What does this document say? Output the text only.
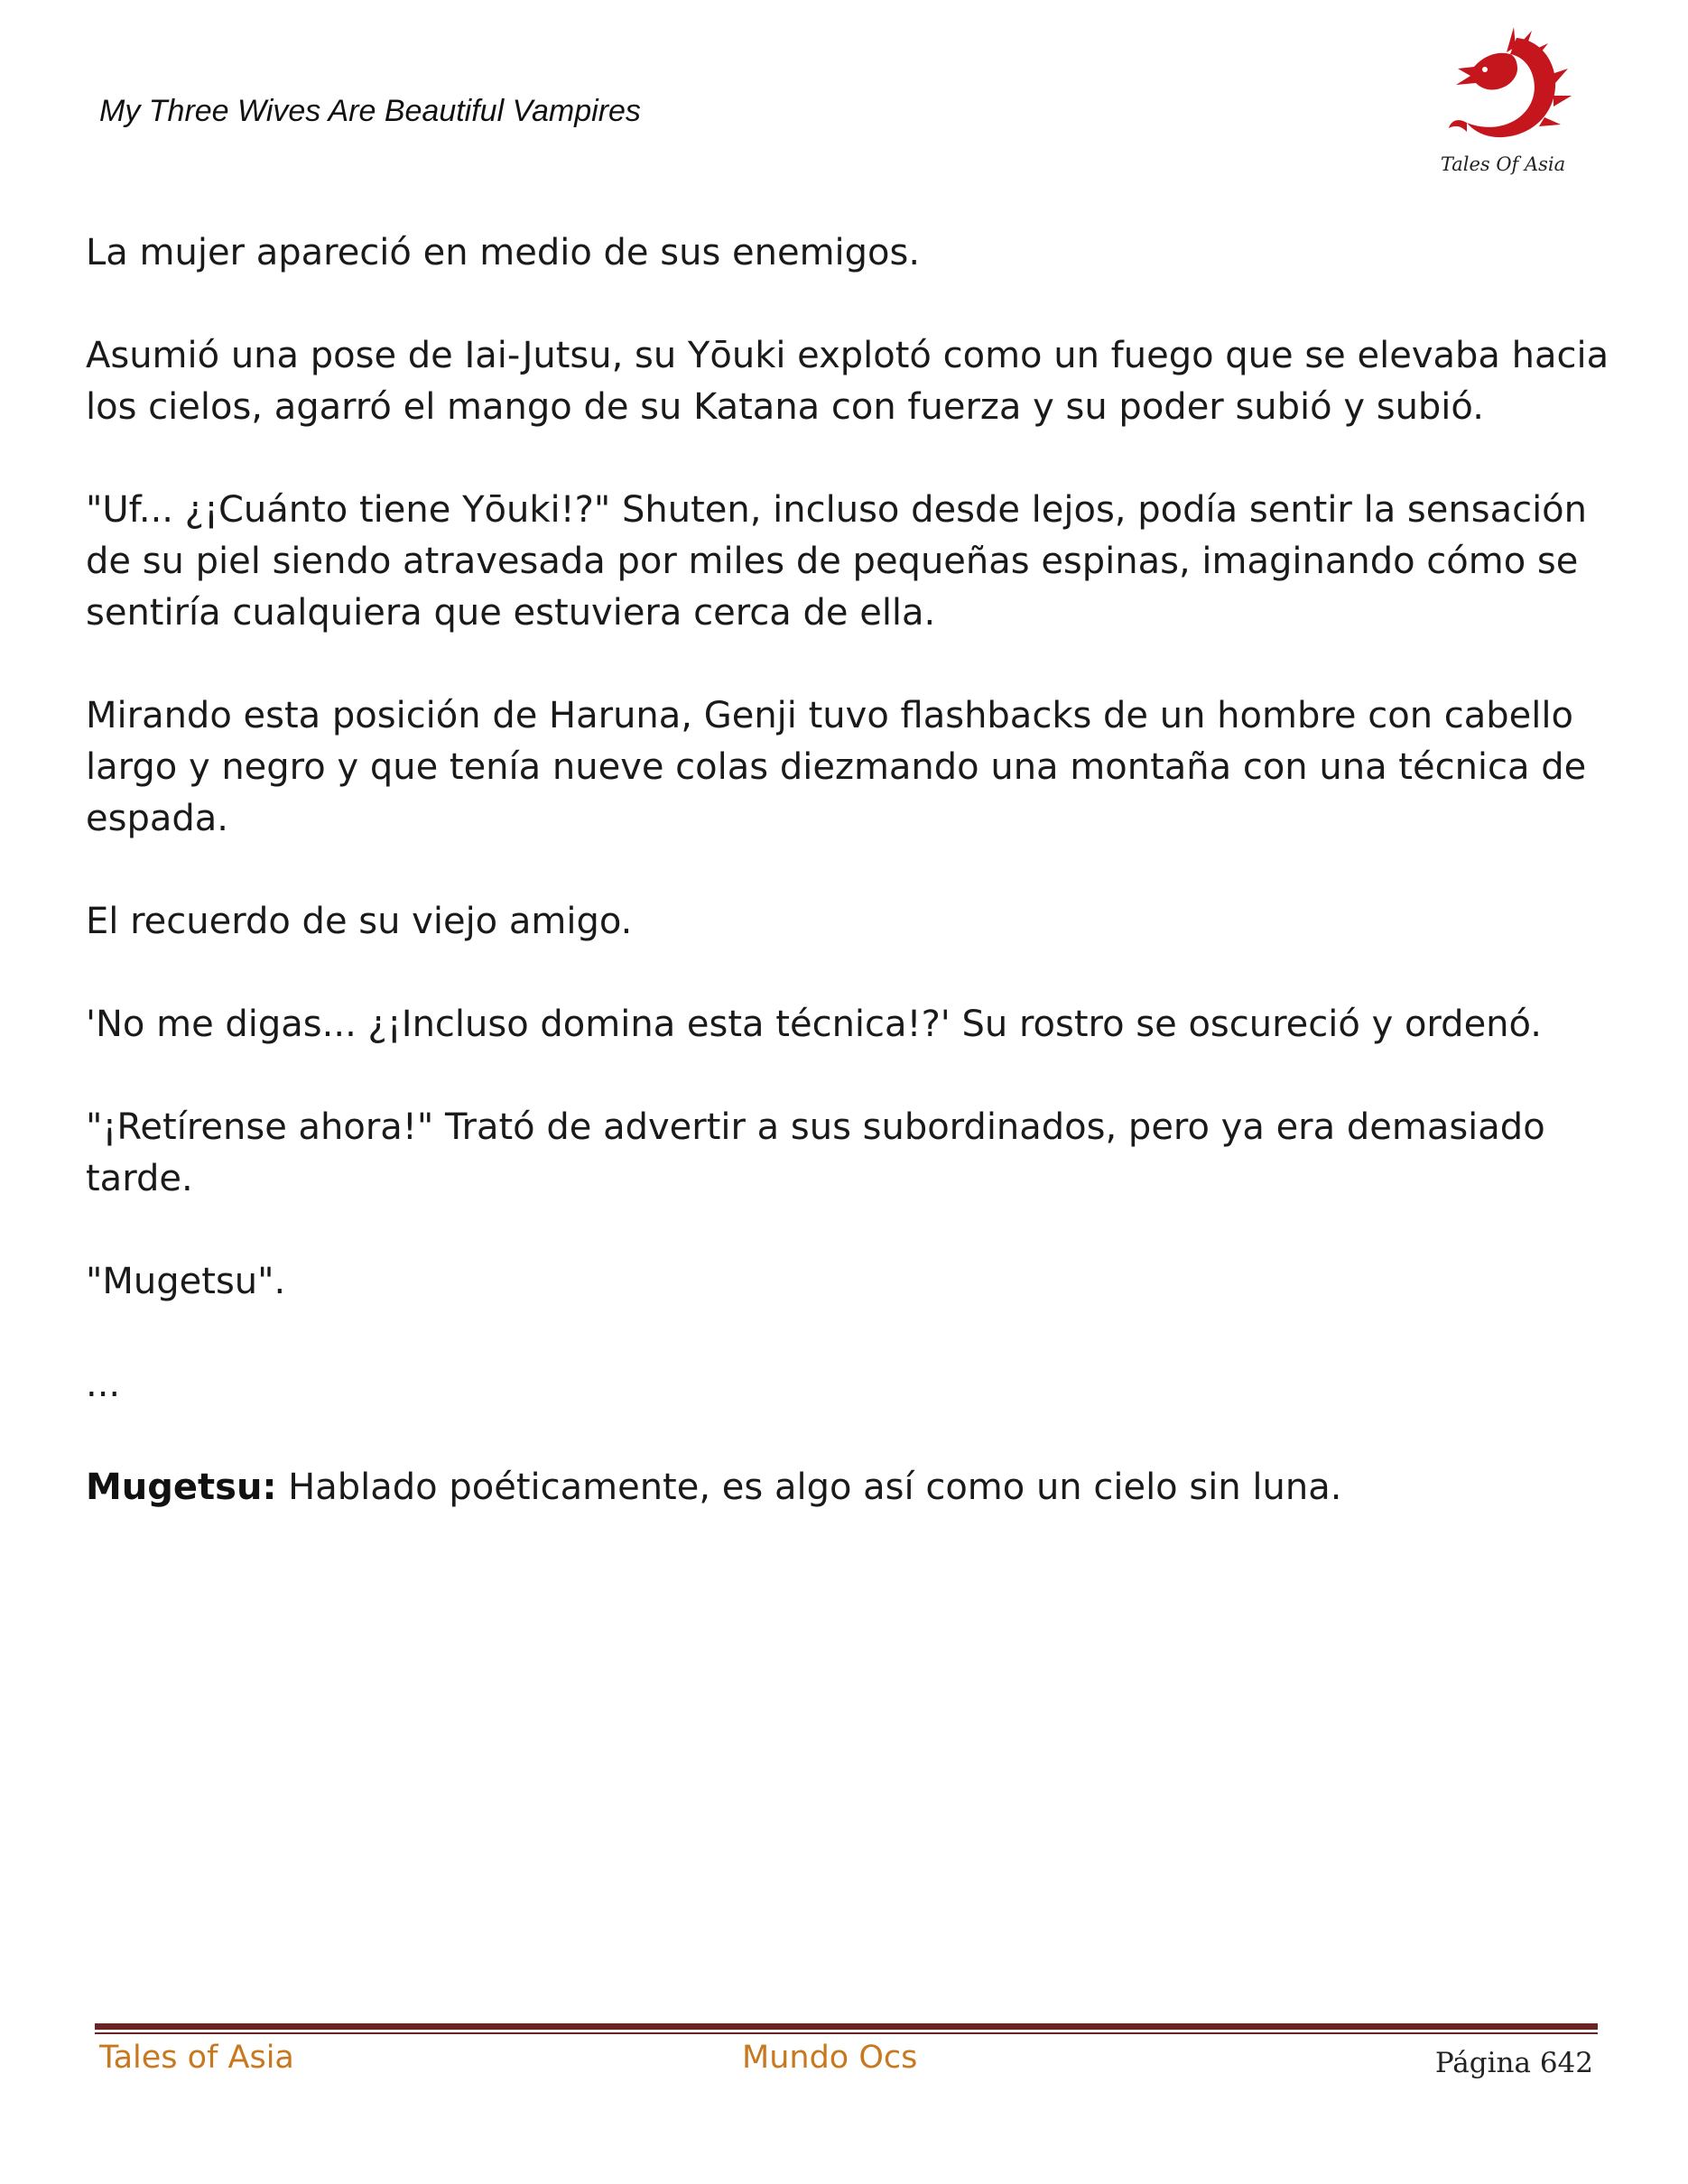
My Three Wives Are Beautiful Vampires
Tales Of Asia

La mujer apareció en medio de sus enemigos.

Asumió una pose de Iai-Jutsu, su Yōuki explotó como un fuego que se elevaba hacia los cielos, agarró el mango de su Katana con fuerza y su poder subió y subió.

"Uf... ¿¡Cuánto tiene Yōuki!?" Shuten, incluso desde lejos, podía sentir la sensación de su piel siendo atravesada por miles de pequeñas espinas, imaginando cómo se sentiría cualquiera que estuviera cerca de ella.

Mirando esta posición de Haruna, Genji tuvo flashbacks de un hombre con cabello largo y negro y que tenía nueve colas diezmando una montaña con una técnica de espada.

El recuerdo de su viejo amigo.

'No me digas... ¿¡Incluso domina esta técnica!?' Su rostro se oscureció y ordenó.

"¡Retírense ahora!" Trató de advertir a sus subordinados, pero ya era demasiado tarde.

"Mugetsu".

...

Mugetsu: Hablado poéticamente, es algo así como un cielo sin luna.

Tales of Asia	Mundo Ocs	Página 642
